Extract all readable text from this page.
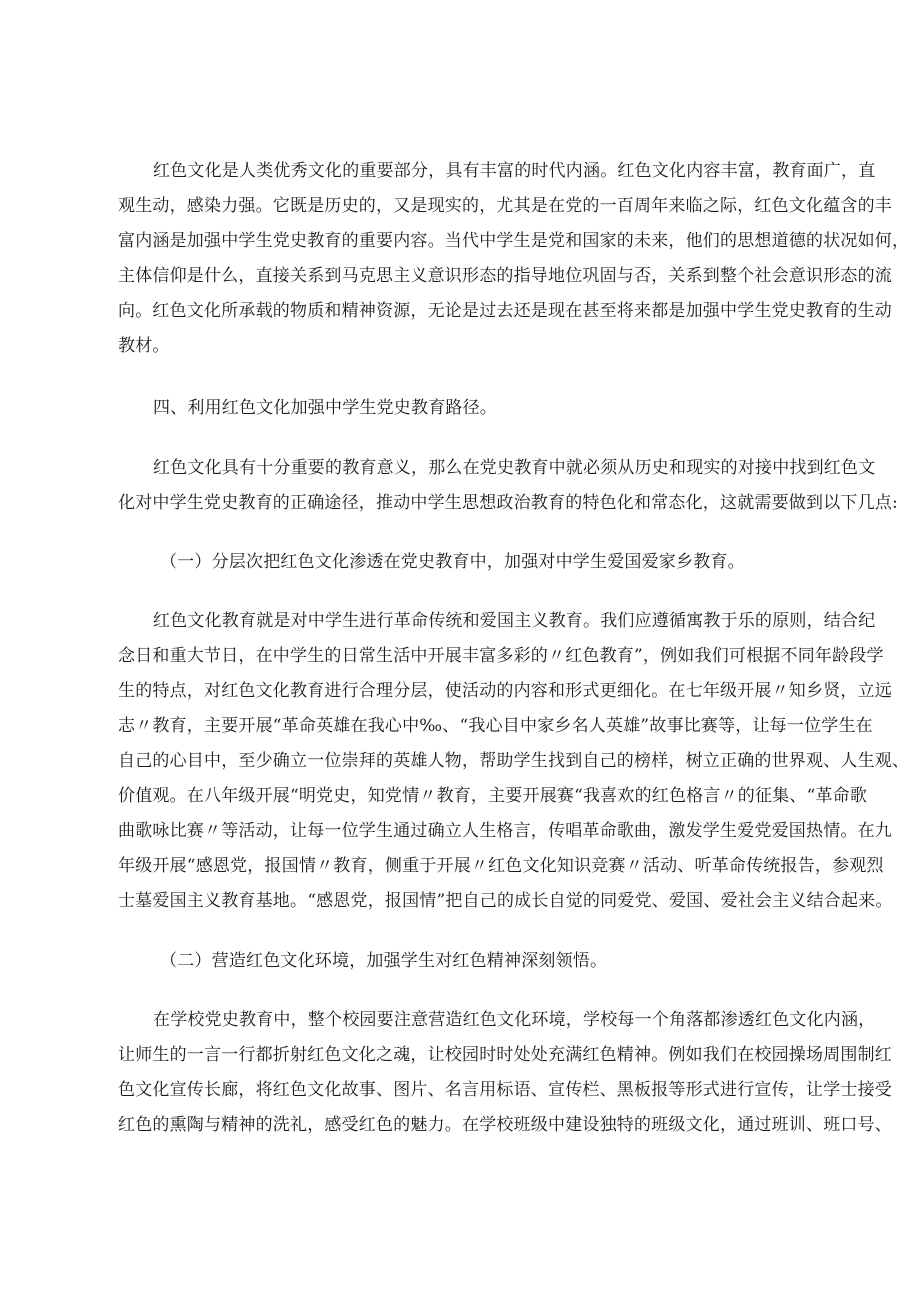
红色文化是人类优秀文化的重要部分，具有丰富的时代内涵。红色文化内容丰富，教育面广，直

观生动，感染力强。它既是历史的，又是现实的，尤其是在党的一百周年来临之际，红色文化蕴含的丰

富内涵是加强中学生党史教育的重要内容。当代中学生是党和国家的未来，他们的思想道德的状况如何，

主体信仰是什么，直接关系到马克思主义意识形态的指导地位巩固与否，关系到整个社会意识形态的流

向。红色文化所承载的物质和精神资源，无论是过去还是现在甚至将来都是加强中学生党史教育的生动

教材。

四、利用红色文化加强中学生党史教育路径。

红色文化具有十分重要的教育意义，那么在党史教育中就必须从历史和现实的对接中找到红色文

化对中学生党史教育的正确途径，推动中学生思想政治教育的特色化和常态化，这就需要做到以下几点:

（一）分层次把红色文化渗透在党史教育中，加强对中学生爱国爱家乡教育。

红色文化教育就是对中学生进行革命传统和爱国主义教育。我们应遵循寓教于乐的原则，结合纪

念日和重大节日，在中学生的日常生活中开展丰富多彩的〃红色教育”，例如我们可根据不同年龄段学

生的特点，对红色文化教育进行合理分层，使活动的内容和形式更细化。在七年级开展〃知乡贤，立远

志〃教育，主要开展“革命英雄在我心中‰、“我心目中家乡名人英雄”故事比赛等，让每一位学生在

自己的心目中，至少确立一位崇拜的英雄人物，帮助学生找到自己的榜样，树立正确的世界观、人生观、

价值观。在八年级开展“明党史，知党情〃教育，主要开展赛“我喜欢的红色格言〃的征集、“革命歌

曲歌咏比赛〃等活动，让每一位学生通过确立人生格言，传唱革命歌曲，激发学生爱党爱国热情。在九

年级开展“感恩党，报国情〃教育，侧重于开展〃红色文化知识竞赛〃活动、听革命传统报告，参观烈

士墓爱国主义教育基地。“感恩党，报国情”把自己的成长自觉的同爱党、爱国、爱社会主义结合起来。

（二）营造红色文化环境，加强学生对红色精神深刻领悟。

在学校党史教育中，整个校园要注意营造红色文化环境，学校每一个角落都渗透红色文化内涵，

让师生的一言一行都折射红色文化之魂，让校园时时处处充满红色精神。例如我们在校园操场周围制红

色文化宣传长廊，将红色文化故事、图片、名言用标语、宣传栏、黑板报等形式进行宣传，让学士接受

红色的熏陶与精神的洗礼，感受红色的魅力。在学校班级中建设独特的班级文化，通过班训、班口号、
